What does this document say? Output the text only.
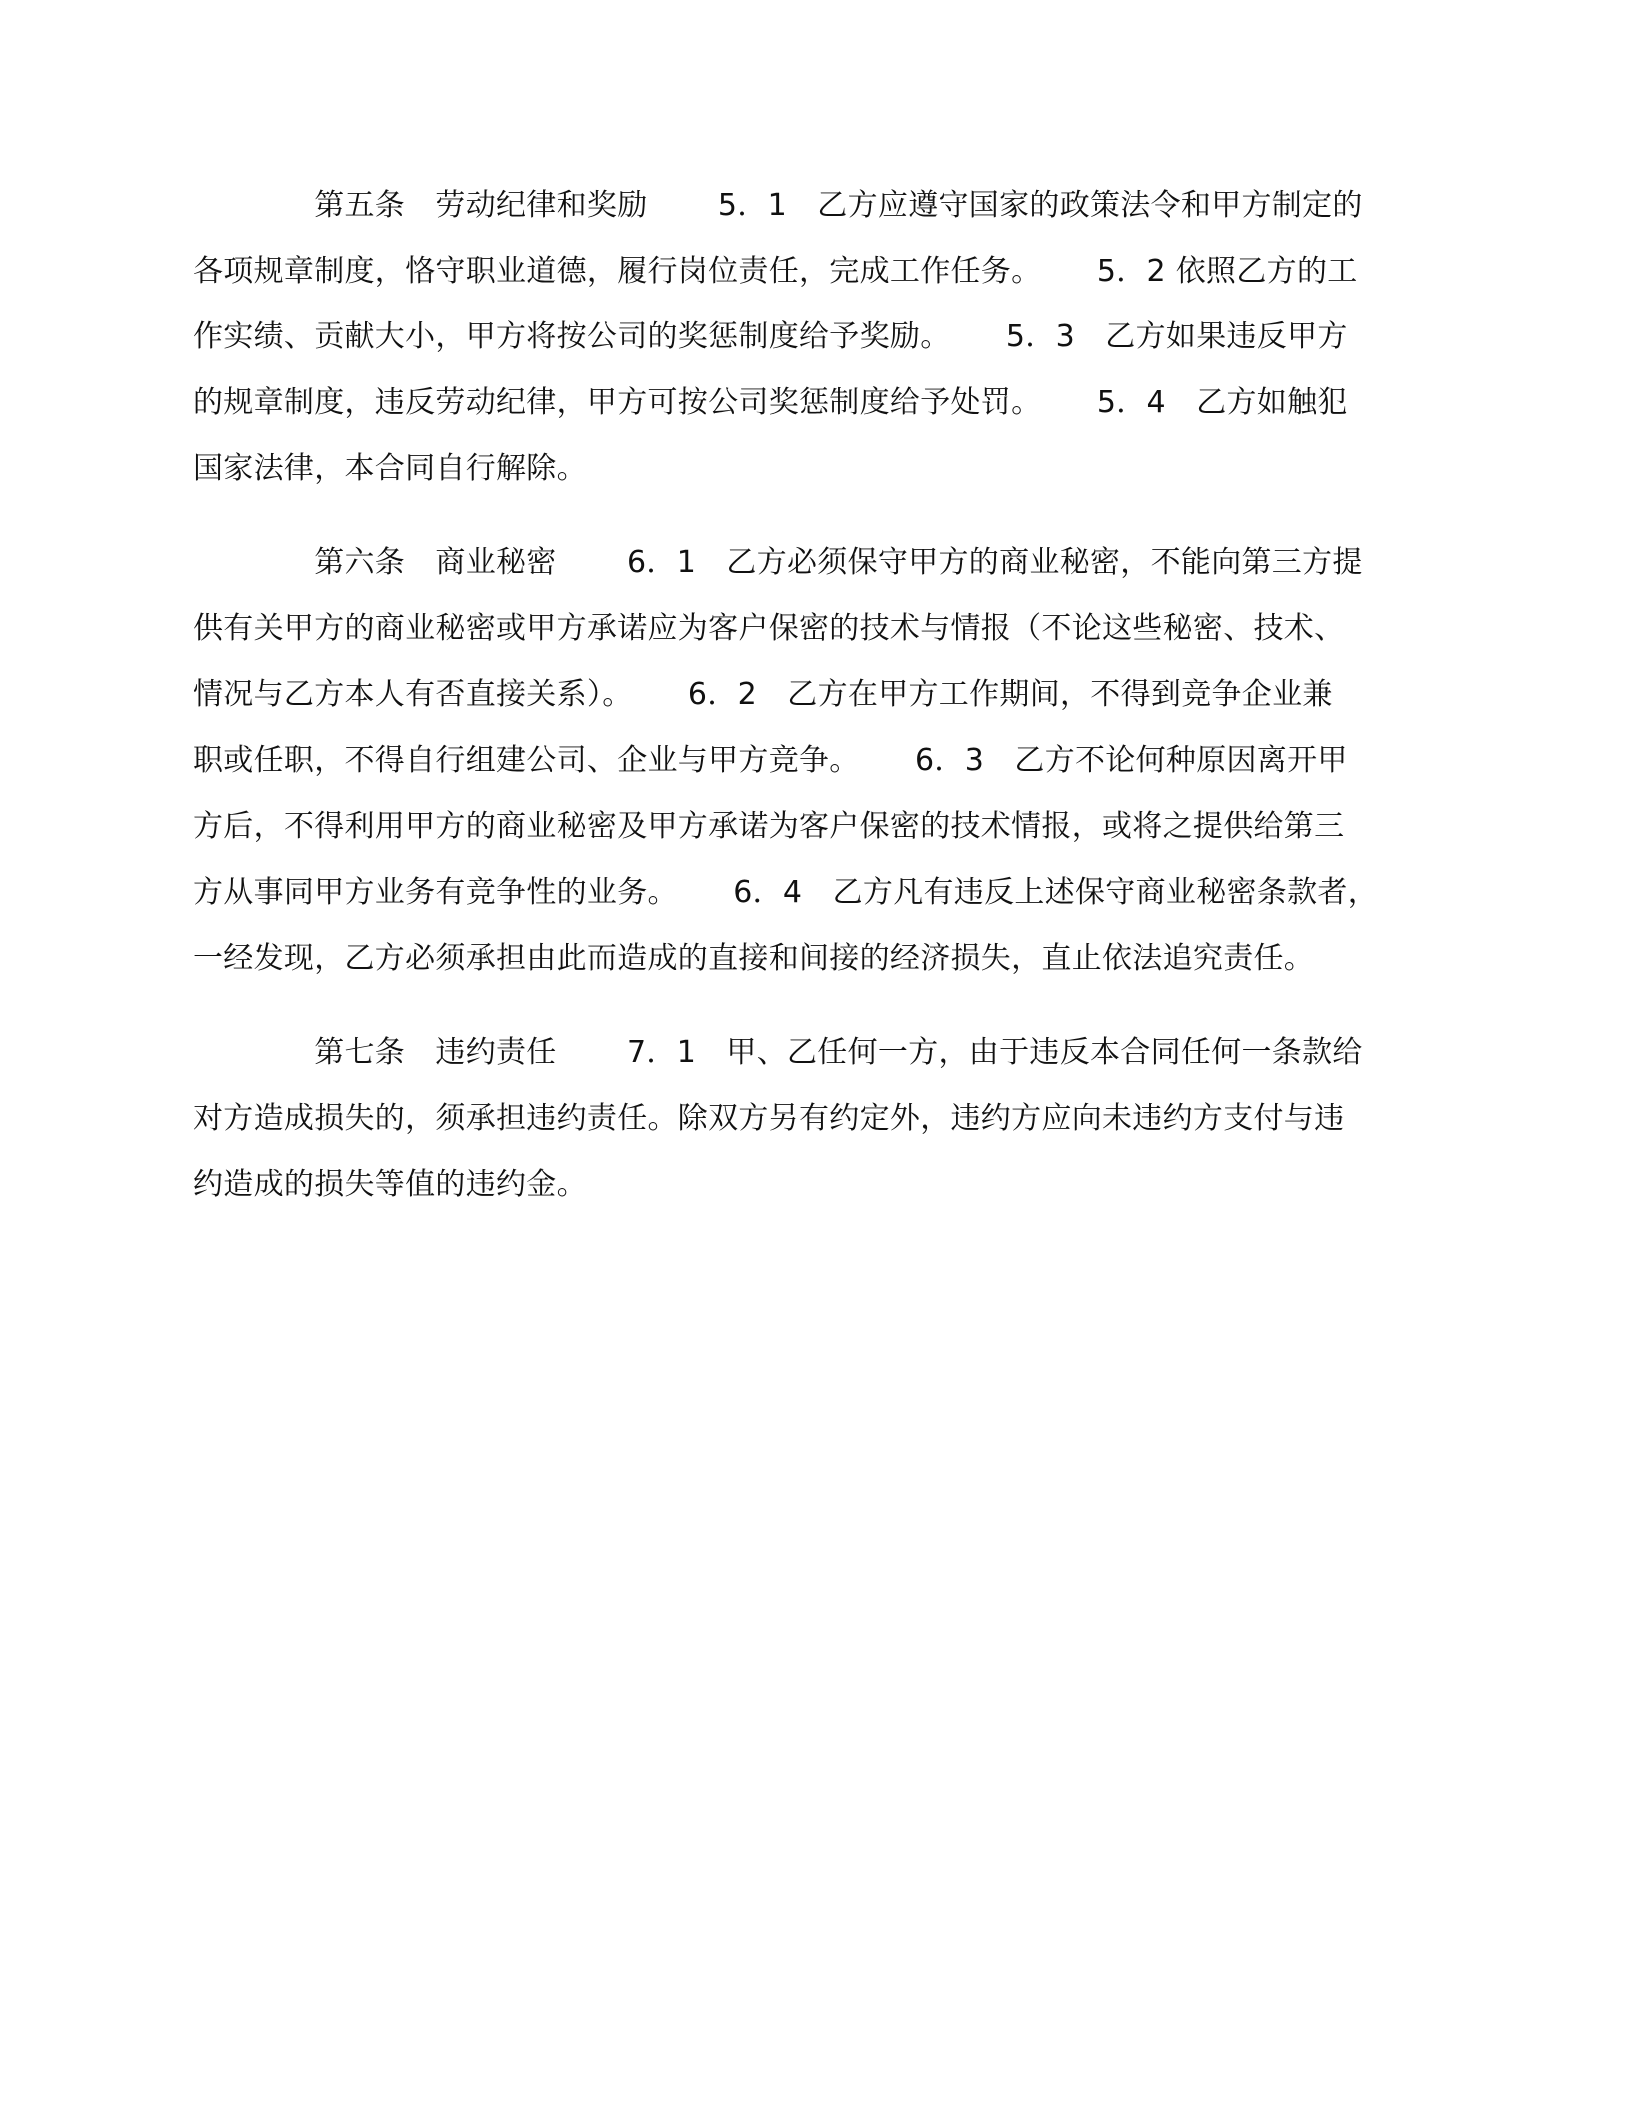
　　　　第五条　劳动纪律和奖励　　 5．1　乙方应遵守国家的政策法令和甲方制定的
各项规章制度，恪守职业道德，履行岗位责任，完成工作任务。　　 5．2 依照乙方的工
作实绩、贡献大小，甲方将按公司的奖惩制度给予奖励。　　 5．3　乙方如果违反甲方
的规章制度，违反劳动纪律，甲方可按公司奖惩制度给予处罚。　　 5．4　乙方如触犯
国家法律，本合同自行解除。
　　　　第六条　商业秘密　　 6．1　乙方必须保守甲方的商业秘密，不能向第三方提
供有关甲方的商业秘密或甲方承诺应为客户保密的技术与情报（不论这些秘密、技术、
情况与乙方本人有否直接关系）。　　 6．2　乙方在甲方工作期间，不得到竞争企业兼
职或任职，不得自行组建公司、企业与甲方竞争。　　 6．3　乙方不论何种原因离开甲
方后，不得利用甲方的商业秘密及甲方承诺为客户保密的技术情报，或将之提供给第三
方从事同甲方业务有竞争性的业务。　　 6．4　乙方凡有违反上述保守商业秘密条款者，
一经发现，乙方必须承担由此而造成的直接和间接的经济损失，直止依法追究责任。
　　　　第七条　违约责任　　 7．1　甲、乙任何一方，由于违反本合同任何一条款给
对方造成损失的，须承担违约责任。除双方另有约定外，违约方应向未违约方支付与违
约造成的损失等值的违约金。
